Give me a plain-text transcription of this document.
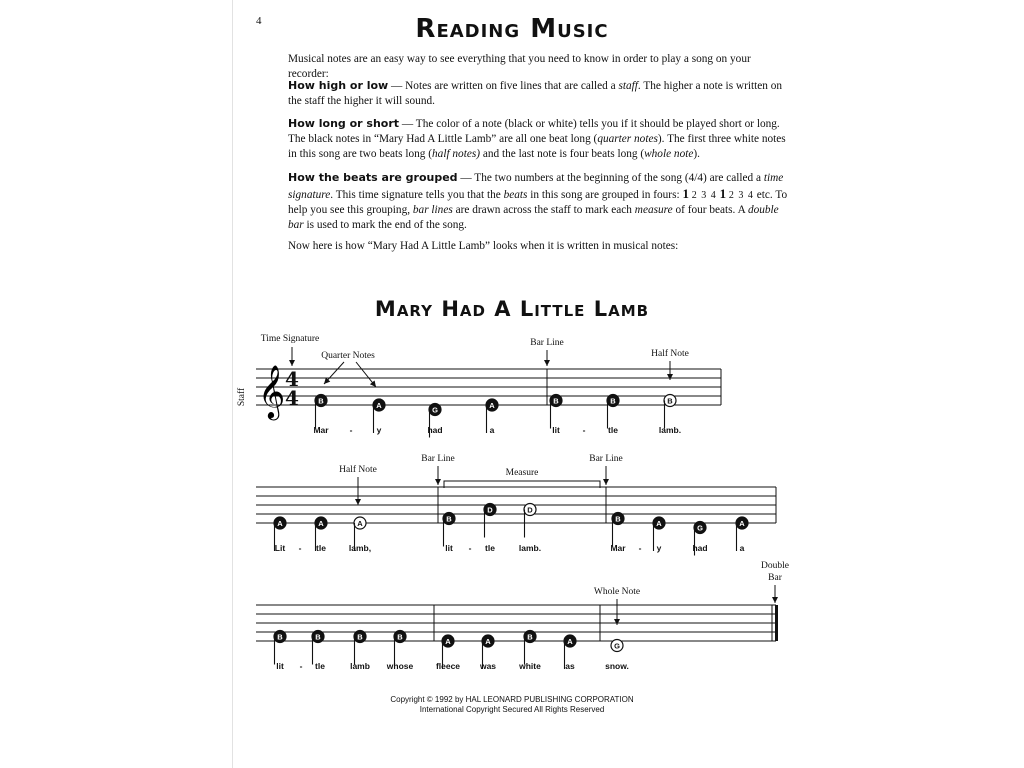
4	Reading Music
Musical notes are an easy way to see everything that you need to know in order to play a song on your recorder:
How high or low — Notes are written on five lines that are called a staff. The higher a note is written on the staff the higher it will sound.
How long or short — The color of a note (black or white) tells you if it should be played short or long. The black notes in “Mary Had A Little Lamb” are all one beat long (quarter notes). The first three white notes in this song are two beats long (half notes) and the last note is four beats long (whole note).
How the beats are grouped — The two numbers at the beginning of the song (4/4) are called a time signature. This time signature tells you that the beats in this song are grouped in fours: 1 2 3 4 1 2 3 4 etc. To help you see this grouping, bar lines are drawn across the staff to mark each measure of four beats. A double bar is used to mark the end of the song.
Now here is how “Mary Had A Little Lamb” looks when it is written in musical notes:
Mary Had A Little Lamb
B	A	G	A	B	B	B
Mar -	y	had	a	lit	-	tle	lamb.
A	A	A	B
D	D
B	A	G	A
Lit - tle	lamb,	lit - tle	lamb.	Mar - y	had	a
B	B	B	B	A	A	B	A	G
lit - tle	lamb whose	fleece was	white	as	snow.
𝄞 4
4
Staff
Time Signature
Quarter Notes
Bar Line
Half Note
Half Note
Bar Line	Bar Line
Measure
Whole Note
Double
Bar
Copyright © 1992 by HAL LEONARD PUBLISHING CORPORATION
International Copyright Secured All Rights Reserved
